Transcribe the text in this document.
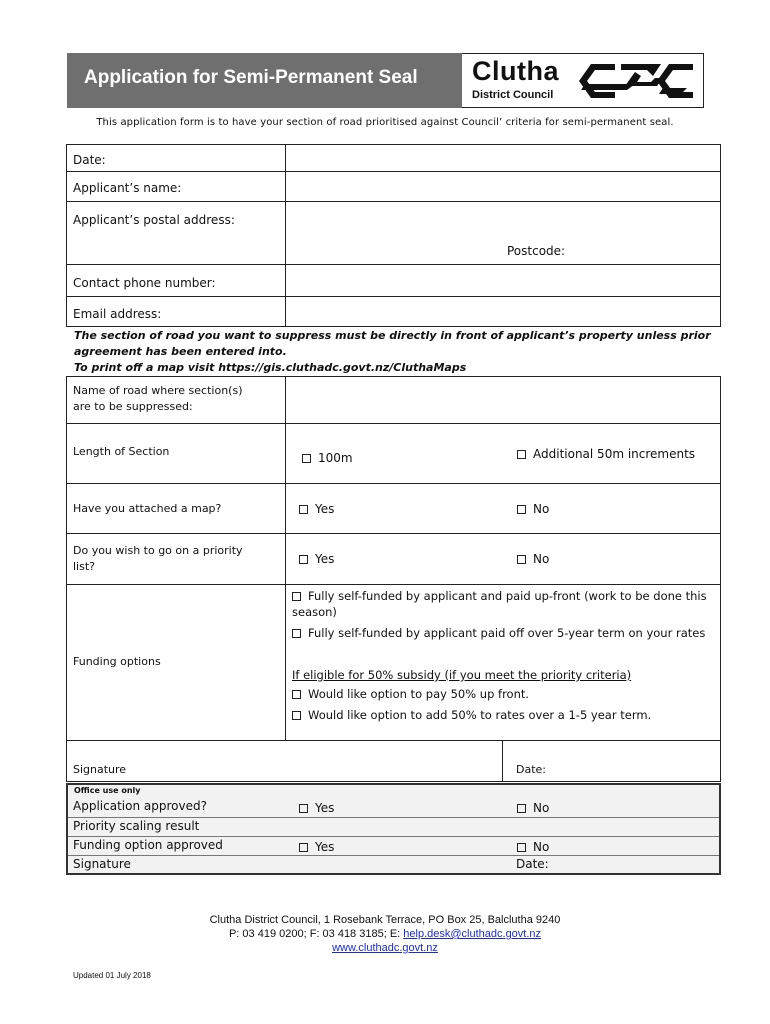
Application for Semi-Permanent Seal Clutha
District Council
This application form is to have your section of road prioritised against Council’ criteria for semi-permanent seal.
Date:
Applicant’s name:
Applicant’s postal address:
Postcode:
Contact phone number:
Email address:
The section of road you want to suppress must be directly in front of applicant’s property unless prior
agreement has been entered into.
To print off a map visit https://gis.cluthadc.govt.nz/CluthaMaps
Name of road where section(s)
are to be suppressed:
Length of Section	100m	Additional 50m increments
Have you attached a map?	Yes	No
Do you wish to go on a priority
list?
Yes	No
Funding options
Fully self-funded by applicant and paid up-front (work to be done this
season)
Fully self-funded by applicant paid off over 5-year term on your rates
If eligible for 50% subsidy (if you meet the priority criteria)
Would like option to pay 50% up front.
Would like option to add 50% to rates over a 1-5 year term.
Signature	Date:
Office use only
Application approved?	Yes	No
Priority scaling result
Funding option approved	Yes	No
Signature	Date:
Clutha District Council, 1 Rosebank Terrace, PO Box 25, Balclutha 9240
P: 03 419 0200; F: 03 418 3185; E: help.desk@cluthadc.govt.nz
www.cluthadc.govt.nz
Updated 01 July 2018
